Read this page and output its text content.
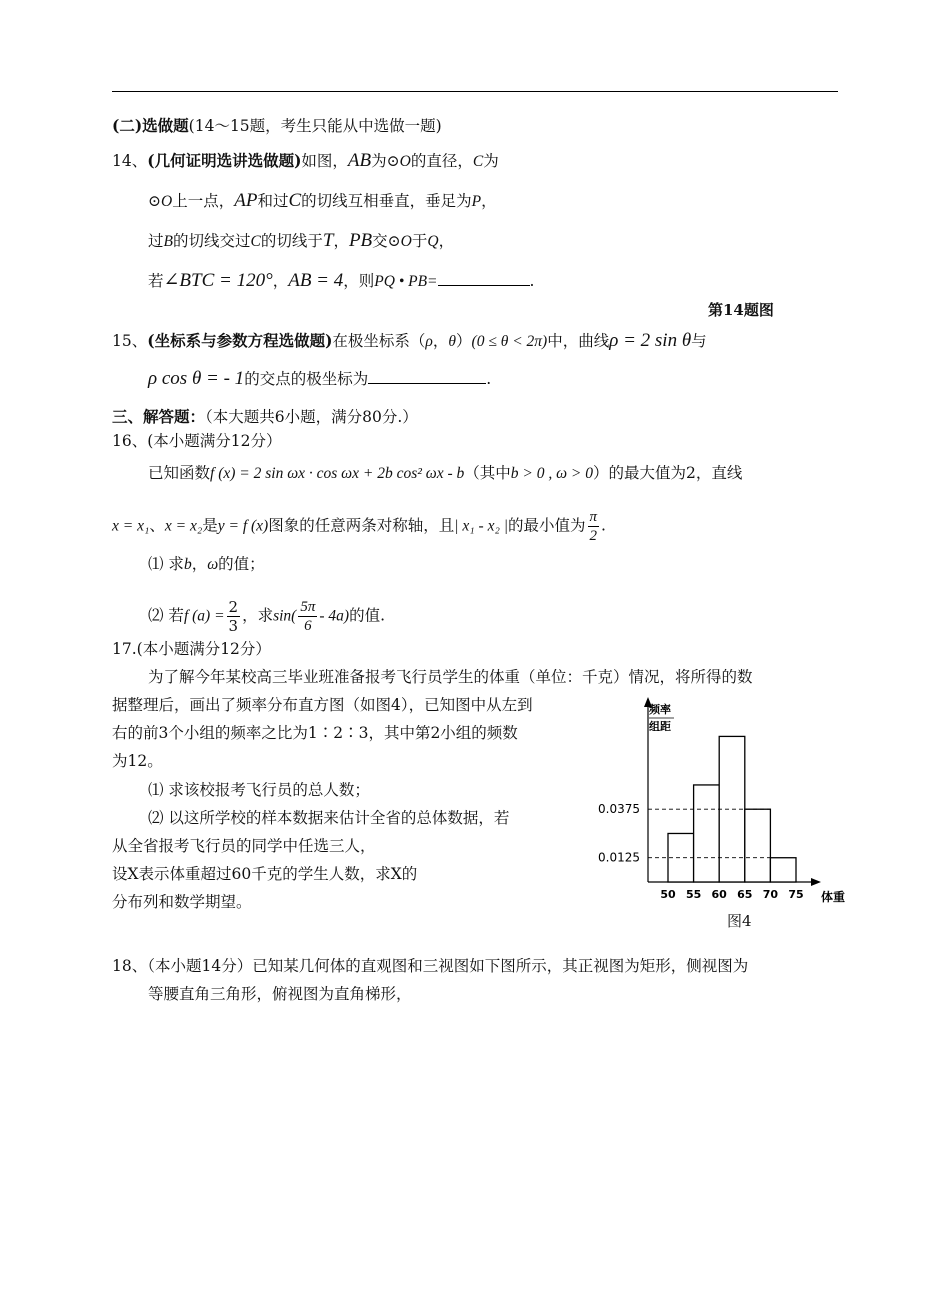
(二)选做题(14～15题，考生只能从中选做一题)
14、(几何证明选讲选做题)如图，AB为⊙O的直径，C为
⊙O上一点，AP和过C的切线互相垂直，垂足为P，
过B的切线交过C的切线于T，PB交⊙O于Q，
若∠BTC = 120°，AB = 4，则PQ • PB=	.
第14题图
15、(坐标系与参数方程选做题)在极坐标系（ρ，θ）(0 ≤ θ < 2π)中，曲线ρ = 2 sin θ与
ρ cos θ = - 1的交点的极坐标为	.
三、解答题：（本大题共6小题，满分80分.）
16、(本小题满分12分）
已知函数f (x) = 2 sin ωx · cos ωx + 2b cos² ωx - b（其中b > 0 , ω > 0）的最大值为2，直线
x = x₁、x = x₂是y = f (x)图象的任意两条对称轴，且| x₁ - x₂ |的最小值为 $\frac{\pi}{2}$ .
⑴ 求b，ω的值；
⑵ 若f $(a) = \frac{2}{3}$ ，求$\sin( \frac{5\pi}{6} - 4a)$的值.
17.(本小题满分12分）
为了解今年某校高三毕业班准备报考飞行员学生的体重（单位：千克）情况，将所得的数
据整理后，画出了频率分布直方图（如图4），已知图中从左到
右的前3个小组的频率之比为1∶2∶3，其中第2小组的频数
为12。
⑴ 求该校报考飞行员的总人数；
⑵ 以这所学校的样本数据来估计全省的总体数据，若
从全省报考飞行员的同学中任选三人，
设X表示体重超过60千克的学生人数，求X的
分布列和数学期望。
频率
组距
体重
50 55 60 65 70 75
0.0375
0.0125
图4
18、（本小题14分）已知某几何体的直观图和三视图如下图所示，其正视图为矩形，侧视图为
等腰直角三角形，俯视图为直角梯形，
